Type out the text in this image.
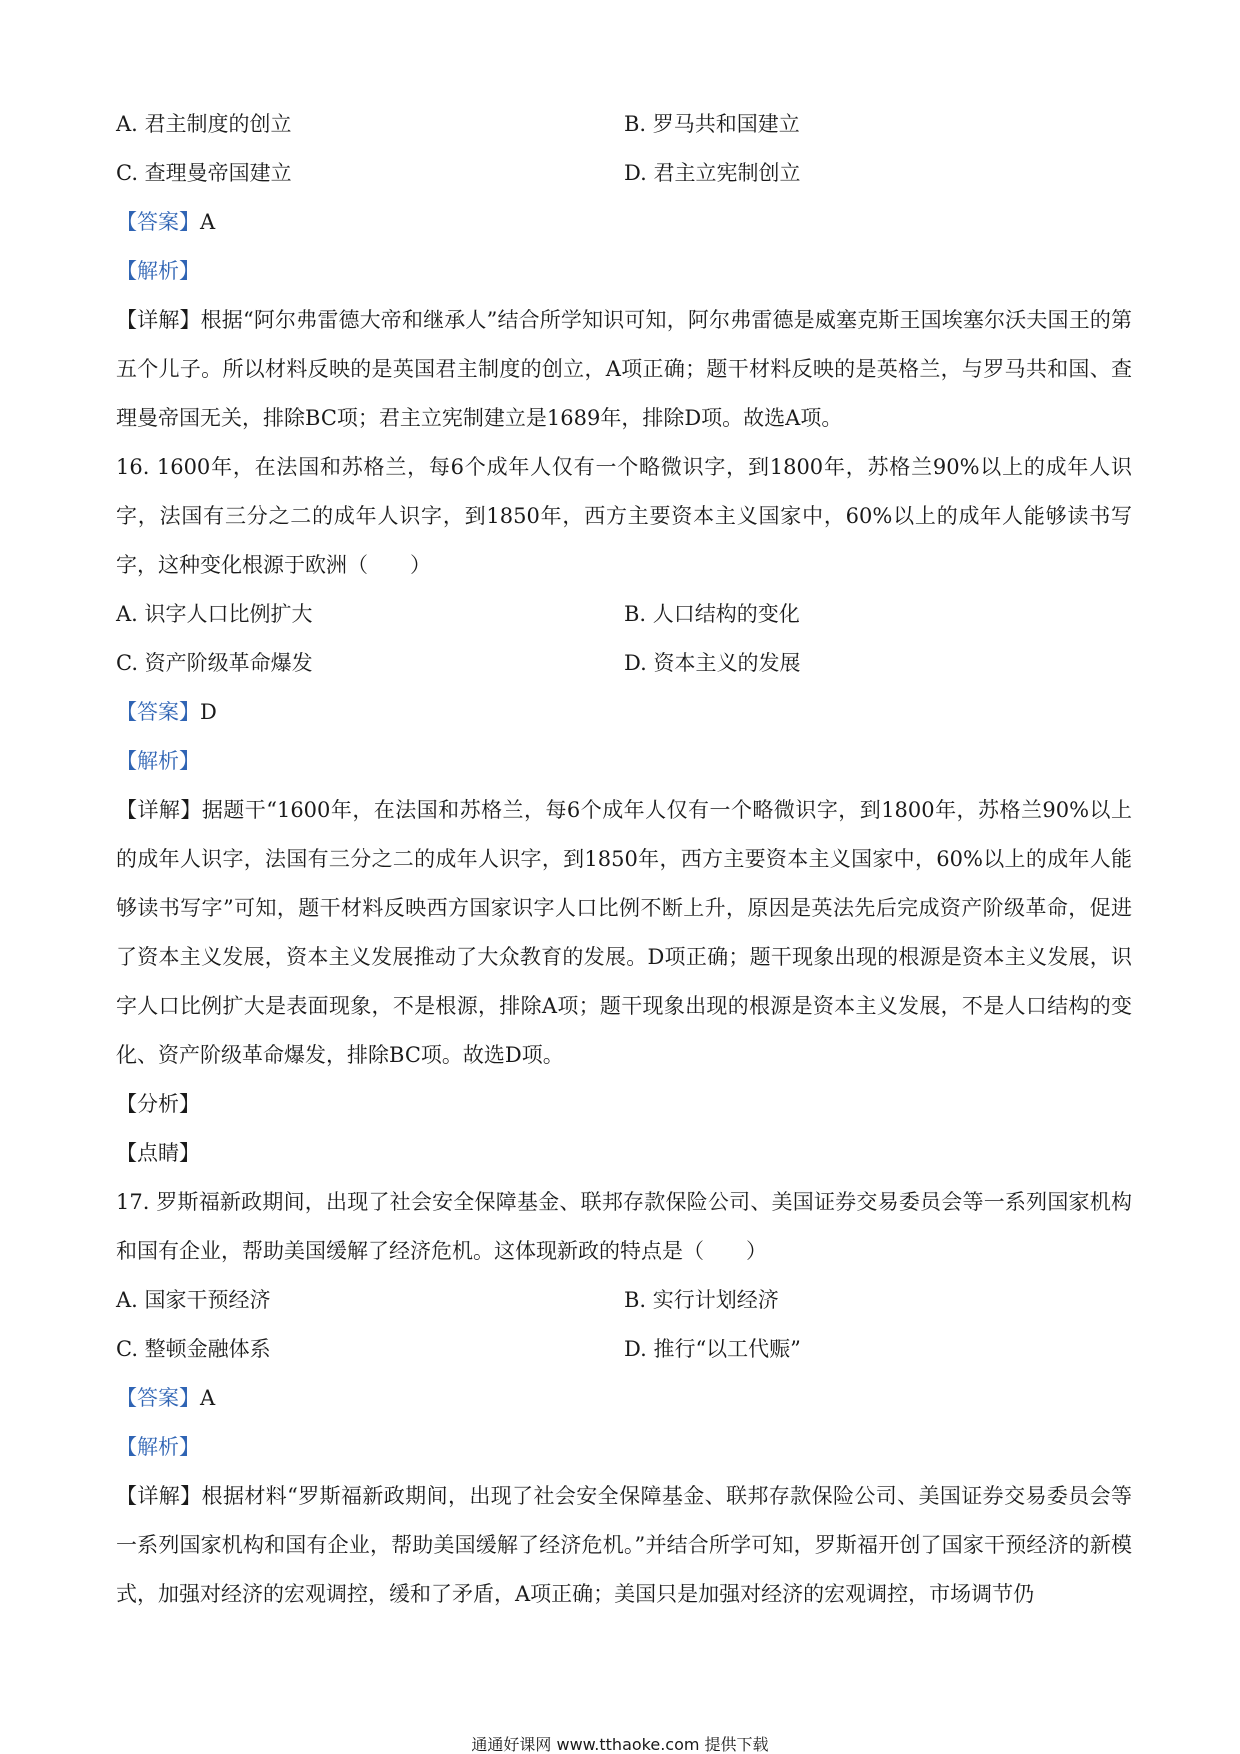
A. 君主制度的创立	B. 罗马共和国建立
C. 查理曼帝国建立	D. 君主立宪制创立
【答案】A
【解析】
【详解】根据“阿尔弗雷德大帝和继承人”结合所学知识可知，阿尔弗雷德是威塞克斯王国埃塞尔沃夫国王的第五个儿子。所以材料反映的是英国君主制度的创立，A项正确；题干材料反映的是英格兰，与罗马共和国、查理曼帝国无关，排除BC项；君主立宪制建立是1689年，排除D项。故选A项。
16. 1600年，在法国和苏格兰，每6个成年人仅有一个略微识字，到1800年，苏格兰90%以上的成年人识字，法国有三分之二的成年人识字，到1850年，西方主要资本主义国家中，60%以上的成年人能够读书写字，这种变化根源于欧洲（　　）
A. 识字人口比例扩大	B. 人口结构的变化
C. 资产阶级革命爆发	D. 资本主义的发展
【答案】D
【解析】
【详解】据题干“1600年，在法国和苏格兰，每6个成年人仅有一个略微识字，到1800年，苏格兰90%以上的成年人识字，法国有三分之二的成年人识字，到1850年，西方主要资本主义国家中，60%以上的成年人能够读书写字”可知，题干材料反映西方国家识字人口比例不断上升，原因是英法先后完成资产阶级革命，促进了资本主义发展，资本主义发展推动了大众教育的发展。D项正确；题干现象出现的根源是资本主义发展，识字人口比例扩大是表面现象，不是根源，排除A项；题干现象出现的根源是资本主义发展，不是人口结构的变化、资产阶级革命爆发，排除BC项。故选D项。
【分析】
【点睛】
17. 罗斯福新政期间，出现了社会安全保障基金、联邦存款保险公司、美国证券交易委员会等一系列国家机构和国有企业，帮助美国缓解了经济危机。这体现新政的特点是（　　）
A. 国家干预经济	B. 实行计划经济
C. 整顿金融体系	D. 推行“以工代赈”
【答案】A
【解析】
【详解】根据材料“罗斯福新政期间，出现了社会安全保障基金、联邦存款保险公司、美国证券交易委员会等一系列国家机构和国有企业，帮助美国缓解了经济危机。”并结合所学可知，罗斯福开创了国家干预经济的新模式，加强对经济的宏观调控，缓和了矛盾，A项正确；美国只是加强对经济的宏观调控，市场调节仍
通通好课网 www.tthaoke.com 提供下载
